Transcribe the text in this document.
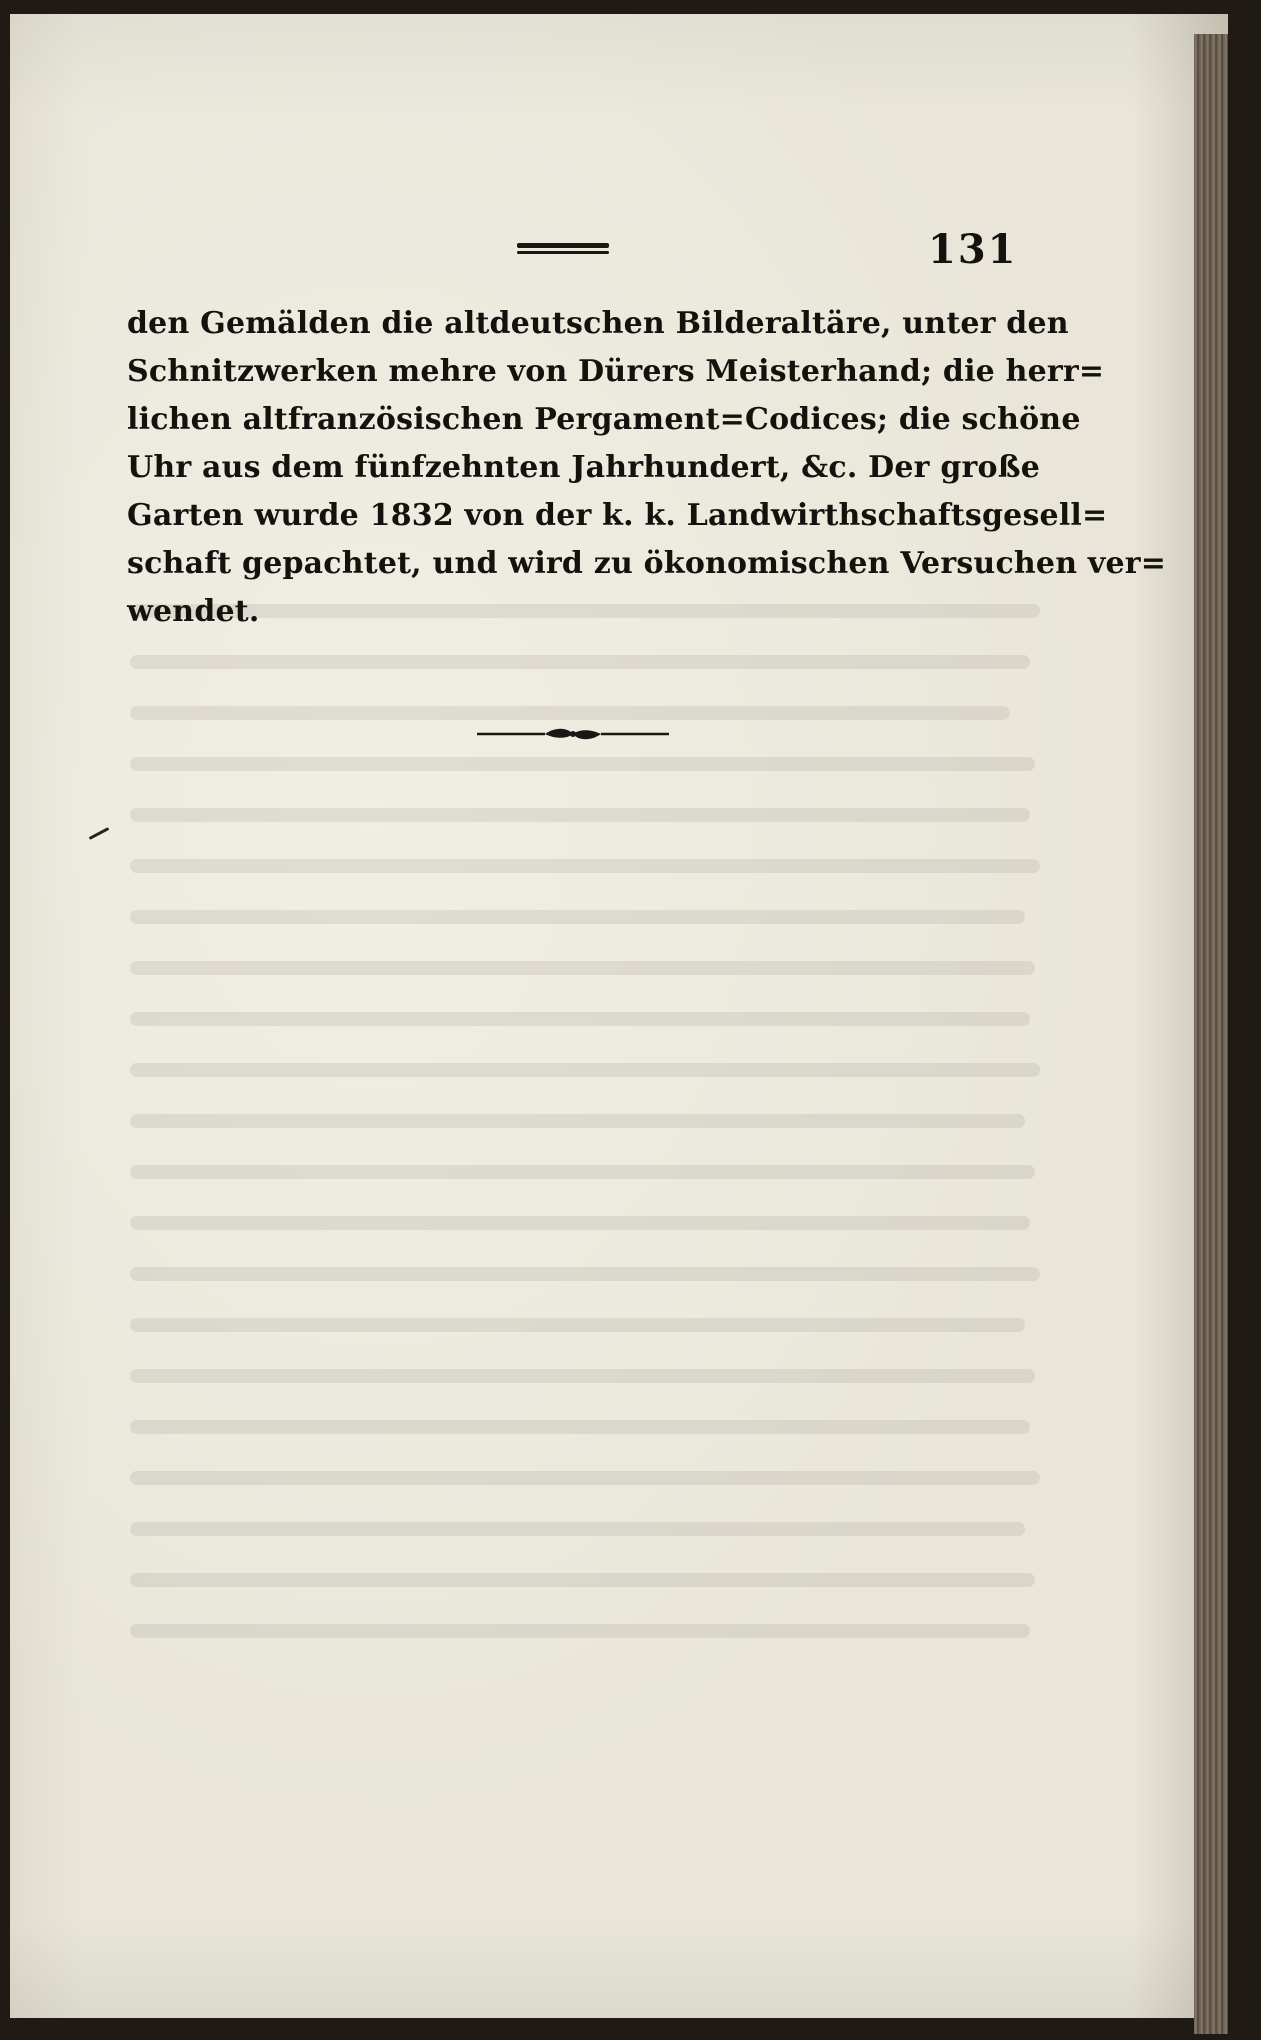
131
den Gemälden die altdeutschen Bilderaltäre, unter den
Schnitzwerken mehre von Dürers Meisterhand; die herr=
lichen altfranzösischen Pergament=Codices; die schöne
Uhr aus dem fünfzehnten Jahrhundert, &c. Der große
Garten wurde 1832 von der k. k. Landwirthschaftsgesell=
schaft gepachtet, und wird zu ökonomischen Versuchen ver=
wendet.
